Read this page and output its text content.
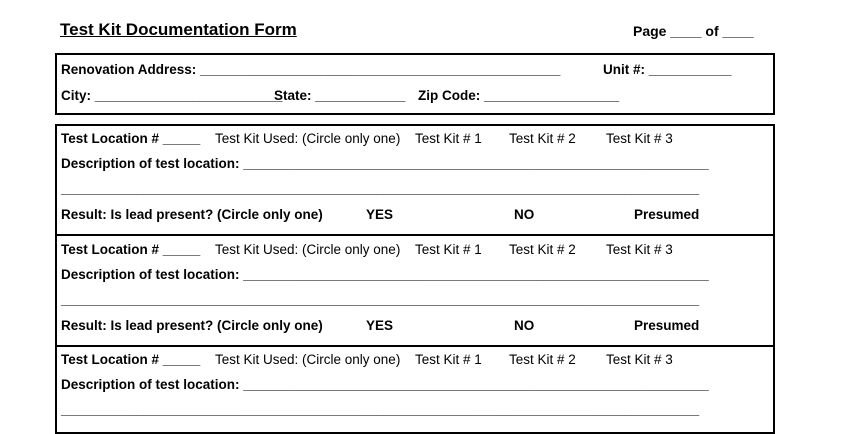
Test Kit Documentation Form	Page ____ of ____
Renovation Address: ________________________________________________	Unit #: ___________
City: _________________________
State: ____________ Zip Code: __________________
Test Location # _____ Test Kit Used: (Circle only one) Test Kit # 1 Test Kit # 2 Test Kit # 3
Description of test location: ______________________________________________________________
_____________________________________________________________________________________
Result: Is lead present? (Circle only one)	YES	NO	Presumed
Test Location # _____ Test Kit Used: (Circle only one) Test Kit # 1 Test Kit # 2 Test Kit # 3
Description of test location: ______________________________________________________________
_____________________________________________________________________________________
Result: Is lead present? (Circle only one)	YES	NO	Presumed
Test Location # _____ Test Kit Used: (Circle only one) Test Kit # 1 Test Kit # 2 Test Kit # 3
Description of test location: ______________________________________________________________
_____________________________________________________________________________________
